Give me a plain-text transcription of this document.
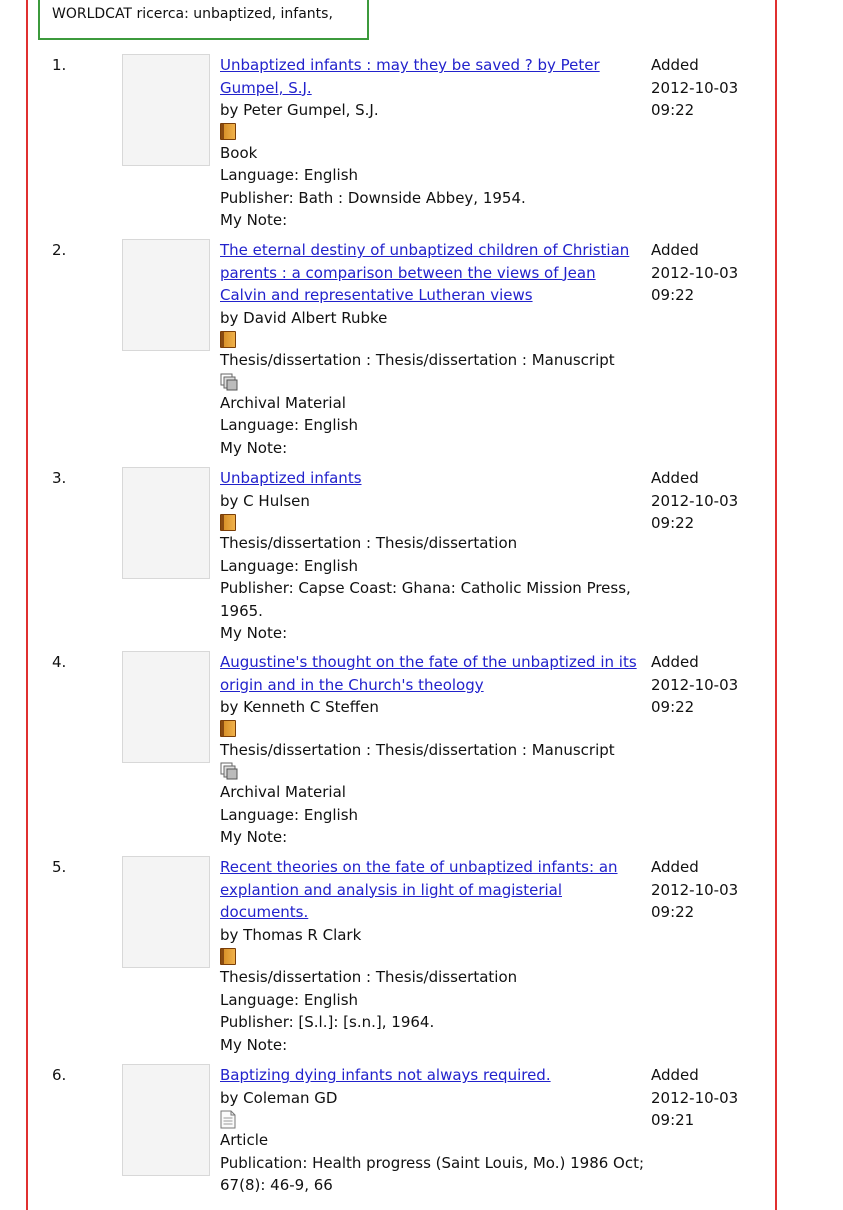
WORLDCAT ricerca: unbaptized, infants,
1.	Unbaptized infants : may they be saved ? by Peter
Gumpel, S.J.
by Peter Gumpel, S.J.
Book
Language: English
Publisher: Bath : Downside Abbey, 1954.
My Note:
Added
2012-10-03
09:22
2.	The eternal destiny of unbaptized children of Christian
parents : a comparison between the views of Jean
Calvin and representative Lutheran views
by David Albert Rubke
Thesis/dissertation : Thesis/dissertation : Manuscript
Archival Material
Language: English
My Note:
Added
2012-10-03
09:22
3.	Unbaptized infants
by C Hulsen
Thesis/dissertation : Thesis/dissertation
Language: English
Publisher: Capse Coast: Ghana: Catholic Mission Press,
1965.
My Note:
Added
2012-10-03
09:22
4.	Augustine's thought on the fate of the unbaptized in its
origin and in the Church's theology
by Kenneth C Steffen
Thesis/dissertation : Thesis/dissertation : Manuscript
Archival Material
Language: English
My Note:
Added
2012-10-03
09:22
5.	Recent theories on the fate of unbaptized infants: an
explantion and analysis in light of magisterial
documents.
by Thomas R Clark
Thesis/dissertation : Thesis/dissertation
Language: English
Publisher: [S.l.]: [s.n.], 1964.
My Note:
Added
2012-10-03
09:22
6.	Baptizing dying infants not always required.
by Coleman GD
Article
Publication: Health progress (Saint Louis, Mo.) 1986 Oct;
67(8): 46-9, 66
Added
2012-10-03
09:21
